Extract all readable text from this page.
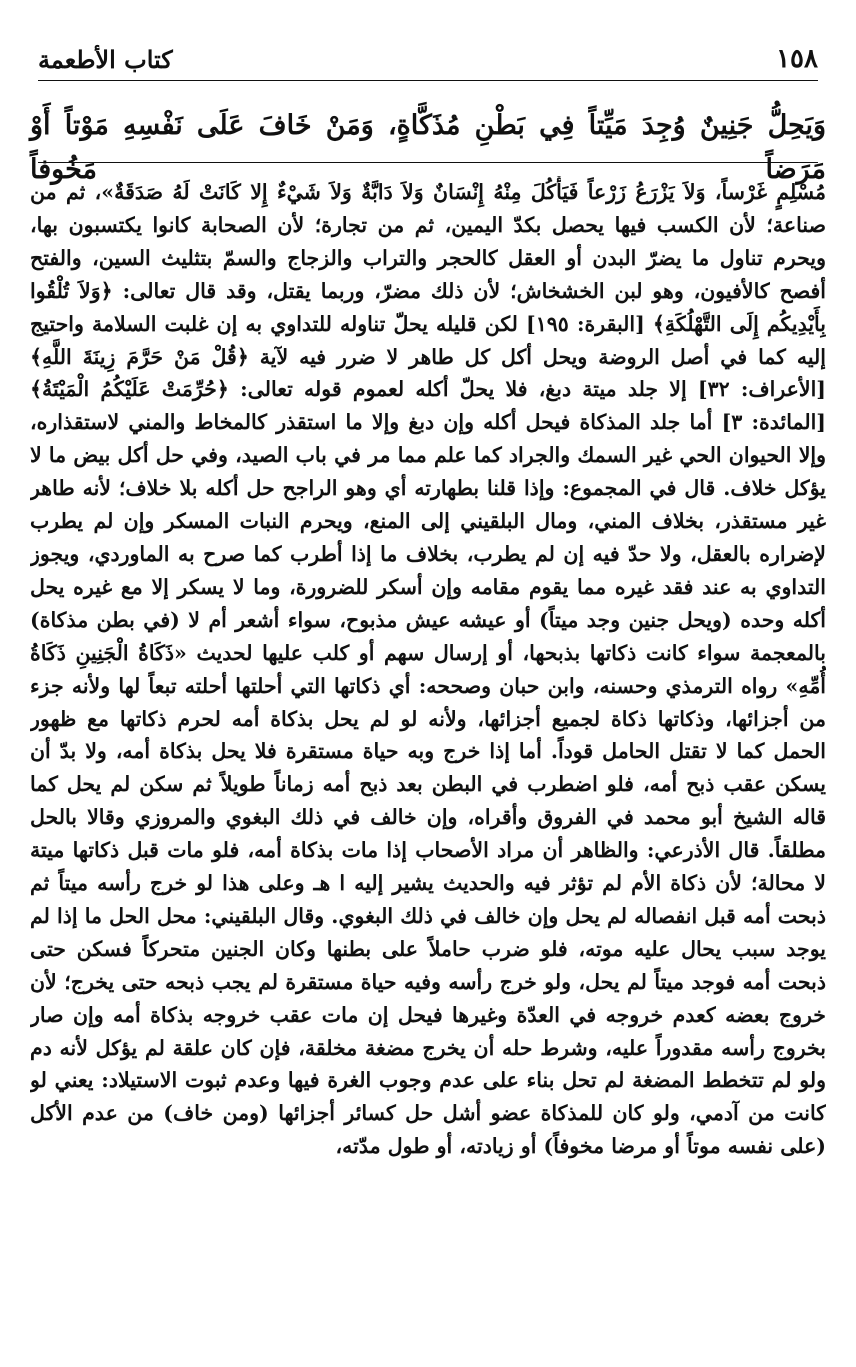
١٥٨
كتاب الأطعمة
وَيَحِلُّ جَنِينٌ وُجِدَ مَيِّتاً فِي بَطْنِ مُذَكَّاةٍ، وَمَنْ خَافَ عَلَى نَفْسِهِ مَوْتاً أَوْ مَرَضاً مَخُوفاً

مُسْلِمٍ غَرْساً، وَلاَ يَزْرَعُ زَرْعاً فَيَأْكُلَ مِنْهُ إِنْسَانٌ وَلاَ دَابَّةٌ وَلاَ شَيْءٌ إِلا كَانَتْ لَهُ صَدَقَةٌ»، ثم من صناعة؛ لأن الكسب فيها يحصل بكدّ اليمين، ثم من تجارة؛ لأن الصحابة كانوا يكتسبون بها، ويحرم تناول ما يضرّ البدن أو العقل كالحجر والتراب والزجاج والسمّ بتثليث السين، والفتح أفصح كالأفيون، وهو لبن الخشخاش؛ لأن ذلك مضرّ، وربما يقتل، وقد قال تعالى: ﴿وَلاَ تُلْقُوا بِأَيْدِيكُم إِلَى التَّهْلُكَةِ﴾ [البقرة: ١٩٥] لكن قليله يحلّ تناوله للتداوي به إن غلبت السلامة واحتيج إليه كما في أصل الروضة ويحل أكل كل طاهر لا ضرر فيه لآية ﴿قُلْ مَنْ حَرَّمَ زِينَةَ اللَّهِ﴾ [الأعراف: ٣٢] إلا جلد ميتة دبغ، فلا يحلّ أكله لعموم قوله تعالى: ﴿حُرِّمَتْ عَلَيْكُمُ الْمَيْتَةُ﴾ [المائدة: ٣] أما جلد المذكاة فيحل أكله وإن دبغ وإلا ما استقذر كالمخاط والمني لاستقذاره، وإلا الحيوان الحي غير السمك والجراد كما علم مما مر في باب الصيد، وفي حل أكل بيض ما لا يؤكل خلاف. قال في المجموع: وإذا قلنا بطهارته أي وهو الراجح حل أكله بلا خلاف؛ لأنه طاهر غير مستقذر، بخلاف المني، ومال البلقيني إلى المنع، ويحرم النبات المسكر وإن لم يطرب لإضراره بالعقل، ولا حدّ فيه إن لم يطرب، بخلاف ما إذا أطرب كما صرح به الماوردي، ويجوز التداوي به عند فقد غيره مما يقوم مقامه وإن أسكر للضرورة، وما لا يسكر إلا مع غيره يحل أكله وحده (ويحل جنين وجد ميتاً) أو عيشه عيش مذبوح، سواء أشعر أم لا (في بطن مذكاة) بالمعجمة سواء كانت ذكاتها بذبحها، أو إرسال سهم أو كلب عليها لحديث «ذَكَاةُ الْجَنِينِ ذَكَاةُ أُمِّهِ» رواه الترمذي وحسنه، وابن حبان وصححه: أي ذكاتها التي أحلتها أحلته تبعاً لها ولأنه جزء من أجزائها، وذكاتها ذكاة لجميع أجزائها، ولأنه لو لم يحل بذكاة أمه لحرم ذكاتها مع ظهور الحمل كما لا تقتل الحامل قوداً. أما إذا خرج وبه حياة مستقرة فلا يحل بذكاة أمه، ولا بدّ أن يسكن عقب ذبح أمه، فلو اضطرب في البطن بعد ذبح أمه زماناً طويلاً ثم سكن لم يحل كما قاله الشيخ أبو محمد في الفروق وأقراه، وإن خالف في ذلك البغوي والمروزي وقالا بالحل مطلقاً. قال الأذرعي: والظاهر أن مراد الأصحاب إذا مات بذكاة أمه، فلو مات قبل ذكاتها ميتة لا محالة؛ لأن ذكاة الأم لم تؤثر فيه والحديث يشير إليه ا هـ وعلى هذا لو خرج رأسه ميتاً ثم ذبحت أمه قبل انفصاله لم يحل وإن خالف في ذلك البغوي. وقال البلقيني: محل الحل ما إذا لم يوجد سبب يحال عليه موته، فلو ضرب حاملاً على بطنها وكان الجنين متحركاً فسكن حتى ذبحت أمه فوجد ميتاً لم يحل، ولو خرج رأسه وفيه حياة مستقرة لم يجب ذبحه حتى يخرج؛ لأن خروج بعضه كعدم خروجه في العدّة وغيرها فيحل إن مات عقب خروجه بذكاة أمه وإن صار بخروج رأسه مقدوراً عليه، وشرط حله أن يخرج مضغة مخلقة، فإن كان علقة لم يؤكل لأنه دم ولو لم تتخطط المضغة لم تحل بناء على عدم وجوب الغرة فيها وعدم ثبوت الاستيلاد: يعني لو كانت من آدمي، ولو كان للمذكاة عضو أشل حل كسائر أجزائها (ومن خاف) من عدم الأكل (على نفسه موتاً أو مرضا مخوفاً) أو زيادته، أو طول مدّته،
